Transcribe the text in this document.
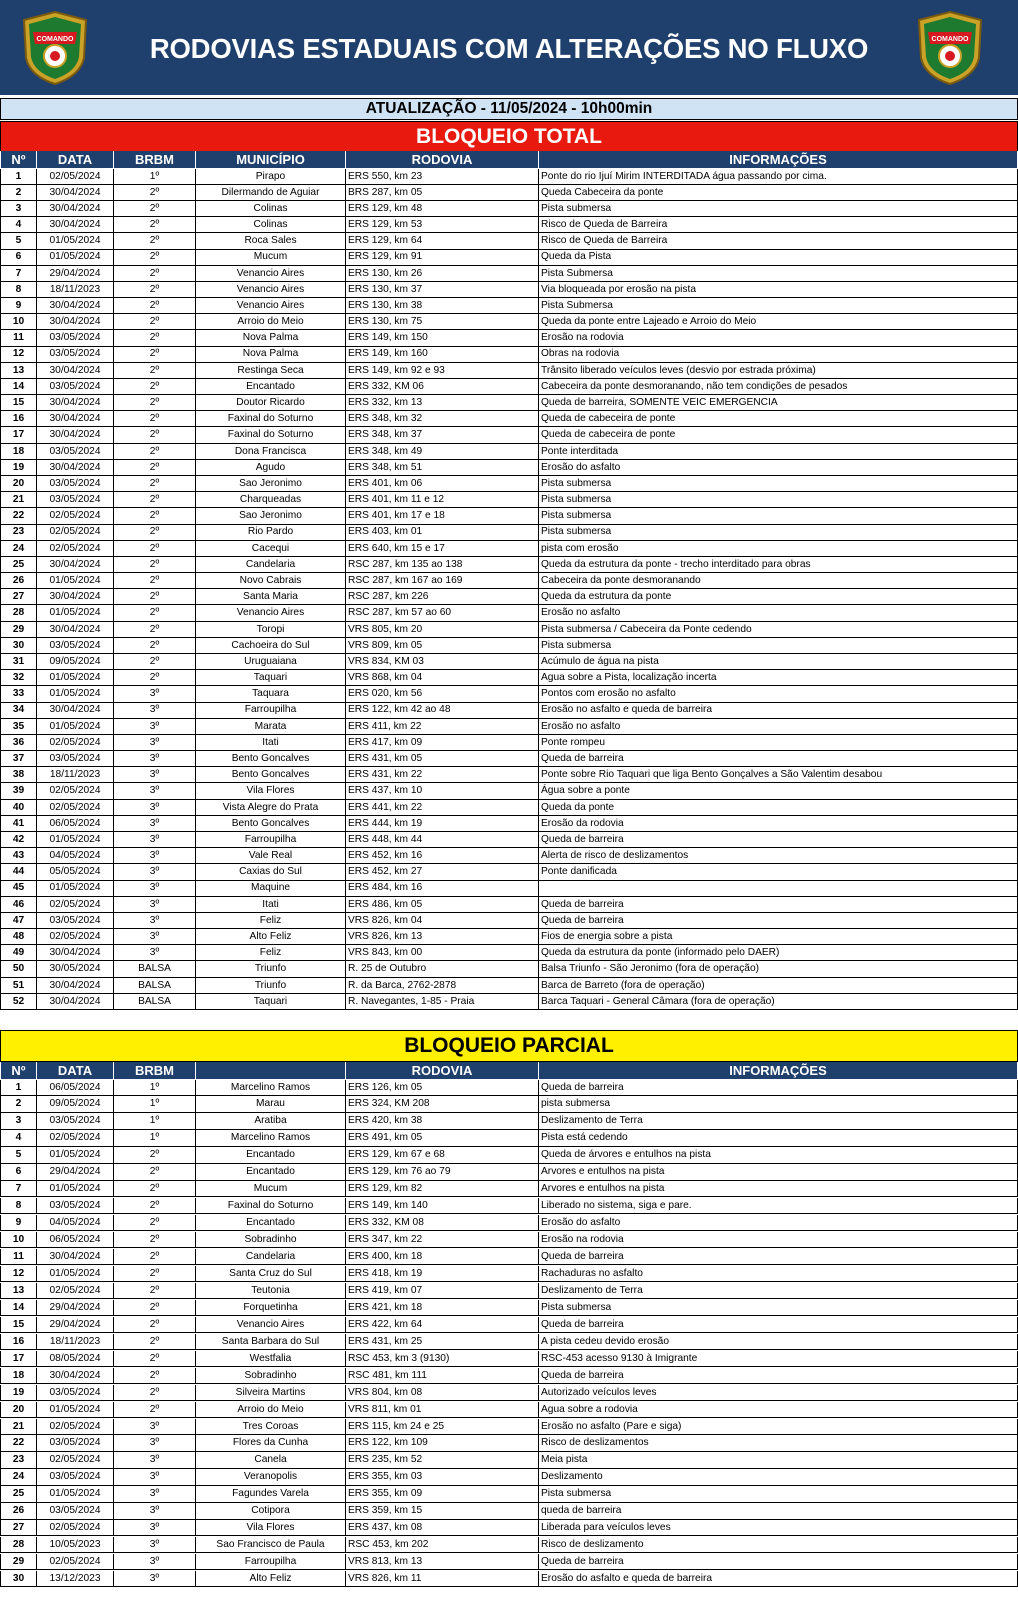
COMANDO	RODOVIAS ESTADUAIS COM ALTERAÇÕES NO FLUXO	COMANDO
ATUALIZAÇÃO - 11/05/2024 - 10h00min
BLOQUEIO TOTAL
Nº	DATA	BRBM	MUNICÍPIO	RODOVIA	INFORMAÇÕES
1	02/05/2024	1º	Pirapo	ERS 550, km 23	Ponte do rio Ijuí Mirim INTERDITADA água passando por cima.
2	30/04/2024	2º	Dilermando de Aguiar	BRS 287, km 05	Queda Cabeceira da ponte
3	30/04/2024	2º	Colinas	ERS 129, km 48	Pista submersa
4	30/04/2024	2º	Colinas	ERS 129, km 53	Risco de Queda de Barreira
5	01/05/2024	2º	Roca Sales	ERS 129, km 64	Risco de Queda de Barreira
6	01/05/2024	2º	Mucum	ERS 129, km 91	Queda da Pista
7	29/04/2024	2º	Venancio Aires	ERS 130, km 26	Pista Submersa
8	18/11/2023	2º	Venancio Aires	ERS 130, km 37	Via bloqueada por erosão na pista
9	30/04/2024	2º	Venancio Aires	ERS 130, km 38	Pista Submersa
10	30/04/2024	2º	Arroio do Meio	ERS 130, km 75	Queda da ponte entre Lajeado e Arroio do Meio
11	03/05/2024	2º	Nova Palma	ERS 149, km 150	Erosão na rodovia
12	03/05/2024	2º	Nova Palma	ERS 149, km 160	Obras na rodovia
13	30/04/2024	2º	Restinga Seca	ERS 149, km 92 e 93	Trânsito liberado veículos leves (desvio por estrada próxima)
14	03/05/2024	2º	Encantado	ERS 332, KM 06	Cabeceira da ponte desmoranando, não tem condições de pesados
15	30/04/2024	2º	Doutor Ricardo	ERS 332, km 13	Queda de barreira, SOMENTE VEIC EMERGENCIA
16	30/04/2024	2º	Faxinal do Soturno	ERS 348, km 32	Queda de cabeceira de ponte
17	30/04/2024	2º	Faxinal do Soturno	ERS 348, km 37	Queda de cabeceira de ponte
18	03/05/2024	2º	Dona Francisca	ERS 348, km 49	Ponte interditada
19	30/04/2024	2º	Agudo	ERS 348, km 51	Erosão do asfalto
20	03/05/2024	2º	Sao Jeronimo	ERS 401, km 06	Pista submersa
21	03/05/2024	2º	Charqueadas	ERS 401, km 11 e 12	Pista submersa
22	02/05/2024	2º	Sao Jeronimo	ERS 401, km 17 e 18	Pista submersa
23	02/05/2024	2º	Rio Pardo	ERS 403, km 01	Pista submersa
24	02/05/2024	2º	Cacequi	ERS 640, km 15 e 17	pista com erosão
25	30/04/2024	2º	Candelaria	RSC 287, km 135 ao 138	Queda da estrutura da ponte - trecho interditado para obras
26	01/05/2024	2º	Novo Cabrais	RSC 287, km 167 ao 169	Cabeceira da ponte desmoranando
27	30/04/2024	2º	Santa Maria	RSC 287, km 226	Queda da estrutura da ponte
28	01/05/2024	2º	Venancio Aires	RSC 287, km 57 ao 60	Erosão no asfalto
29	30/04/2024	2º	Toropi	VRS 805, km 20	Pista submersa / Cabeceira da Ponte cedendo
30	03/05/2024	2º	Cachoeira do Sul	VRS 809, km 05	Pista submersa
31	09/05/2024	2º	Uruguaiana	VRS 834, KM 03	Acúmulo de água na pista
32	01/05/2024	2º	Taquari	VRS 868, km 04	Agua sobre a Pista, localização incerta
33	01/05/2024	3º	Taquara	ERS 020, km 56	Pontos com erosão no asfalto
34	30/04/2024	3º	Farroupilha	ERS 122, km 42 ao 48	Erosão no asfalto e queda de barreira
35	01/05/2024	3º	Marata	ERS 411, km 22	Erosão no asfalto
36	02/05/2024	3º	Itati	ERS 417, km 09	Ponte rompeu
37	03/05/2024	3º	Bento Goncalves	ERS 431, km 05	Queda de barreira
38	18/11/2023	3º	Bento Goncalves	ERS 431, km 22	Ponte sobre Rio Taquari que liga Bento Gonçalves a São Valentim desabou
39	02/05/2024	3º	Vila Flores	ERS 437, km 10	Água sobre a ponte
40	02/05/2024	3º	Vista Alegre do Prata	ERS 441, km 22	Queda da ponte
41	06/05/2024	3º	Bento Goncalves	ERS 444, km 19	Erosão da rodovia
42	01/05/2024	3º	Farroupilha	ERS 448, km 44	Queda de barreira
43	04/05/2024	3º	Vale Real	ERS 452, km 16	Alerta de risco de deslizamentos
44	05/05/2024	3º	Caxias do Sul	ERS 452, km 27	Ponte danificada
45	01/05/2024	3º	Maquine	ERS 484, km 16
46	02/05/2024	3º	Itati	ERS 486, km 05	Queda de barreira
47	03/05/2024	3º	Feliz	VRS 826, km 04	Queda de barreira
48	02/05/2024	3º	Alto Feliz	VRS 826, km 13	Fios de energia sobre a pista
49	30/04/2024	3º	Feliz	VRS 843, km 00	Queda da estrutura da ponte (informado pelo DAER)
50	30/05/2024	BALSA	Triunfo	R. 25 de Outubro	Balsa Triunfo - São Jeronimo (fora de operação)
51	30/04/2024	BALSA	Triunfo	R. da Barca, 2762-2878	Barca de Barreto (fora de operação)
52	30/04/2024	BALSA	Taquari	R. Navegantes, 1-85 - Praia	Barca Taquari - General Câmara (fora de operação)
BLOQUEIO PARCIAL
Nº	DATA	BRBM	RODOVIA	INFORMAÇÕES
1	06/05/2024	1º	Marcelino Ramos	ERS 126, km 05	Queda de barreira
2	09/05/2024	1º	Marau	ERS 324, KM 208	pista submersa
3	03/05/2024	1º	Aratiba	ERS 420, km 38	Deslizamento de Terra
4	02/05/2024	1º	Marcelino Ramos	ERS 491, km 05	Pista está cedendo
5	01/05/2024	2º	Encantado	ERS 129, km 67 e 68	Queda de árvores e entulhos na pista
6	29/04/2024	2º	Encantado	ERS 129, km 76 ao 79	Arvores e entulhos na pista
7	01/05/2024	2º	Mucum	ERS 129, km 82	Arvores e entulhos na pista
8	03/05/2024	2º	Faxinal do Soturno	ERS 149, km 140	Liberado no sistema, siga e pare.
9	04/05/2024	2º	Encantado	ERS 332, KM 08	Erosão do asfalto
10	06/05/2024	2º	Sobradinho	ERS 347, km 22	Erosão na rodovia
11	30/04/2024	2º	Candelaria	ERS 400, km 18	Queda de barreira
12	01/05/2024	2º	Santa Cruz do Sul	ERS 418, km 19	Rachaduras no asfalto
13	02/05/2024	2º	Teutonia	ERS 419, km 07	Deslizamento de Terra
14	29/04/2024	2º	Forquetinha	ERS 421, km 18	Pista submersa
15	29/04/2024	2º	Venancio Aires	ERS 422, km 64	Queda de barreira
16	18/11/2023	2º	Santa Barbara do Sul	ERS 431, km 25	A pista cedeu devido erosão
17	08/05/2024	2º	Westfalia	RSC 453, km 3 (9130)	RSC-453 acesso 9130 à Imigrante
18	30/04/2024	2º	Sobradinho	RSC 481, km 111	Queda de barreira
19	03/05/2024	2º	Silveira Martins	VRS 804, km 08	Autorizado veículos leves
20	01/05/2024	2º	Arroio do Meio	VRS 811, km 01	Agua sobre a rodovia
21	02/05/2024	3º	Tres Coroas	ERS 115, km 24 e 25	Erosão no asfalto (Pare e siga)
22	03/05/2024	3º	Flores da Cunha	ERS 122, km 109	Risco de deslizamentos
23	02/05/2024	3º	Canela	ERS 235, km 52	Meia pista
24	03/05/2024	3º	Veranopolis	ERS 355, km 03	Deslizamento
25	01/05/2024	3º	Fagundes Varela	ERS 355, km 09	Pista submersa
26	03/05/2024	3º	Cotipora	ERS 359, km 15	queda de barreira
27	02/05/2024	3º	Vila Flores	ERS 437, km 08	Liberada para veículos leves
28	10/05/2023	3º	Sao Francisco de Paula	RSC 453, km 202	Risco de deslizamento
29	02/05/2024	3º	Farroupilha	VRS 813, km 13	Queda de barreira
30	13/12/2023	3º	Alto Feliz	VRS 826, km 11	Erosão do asfalto e queda de barreira
